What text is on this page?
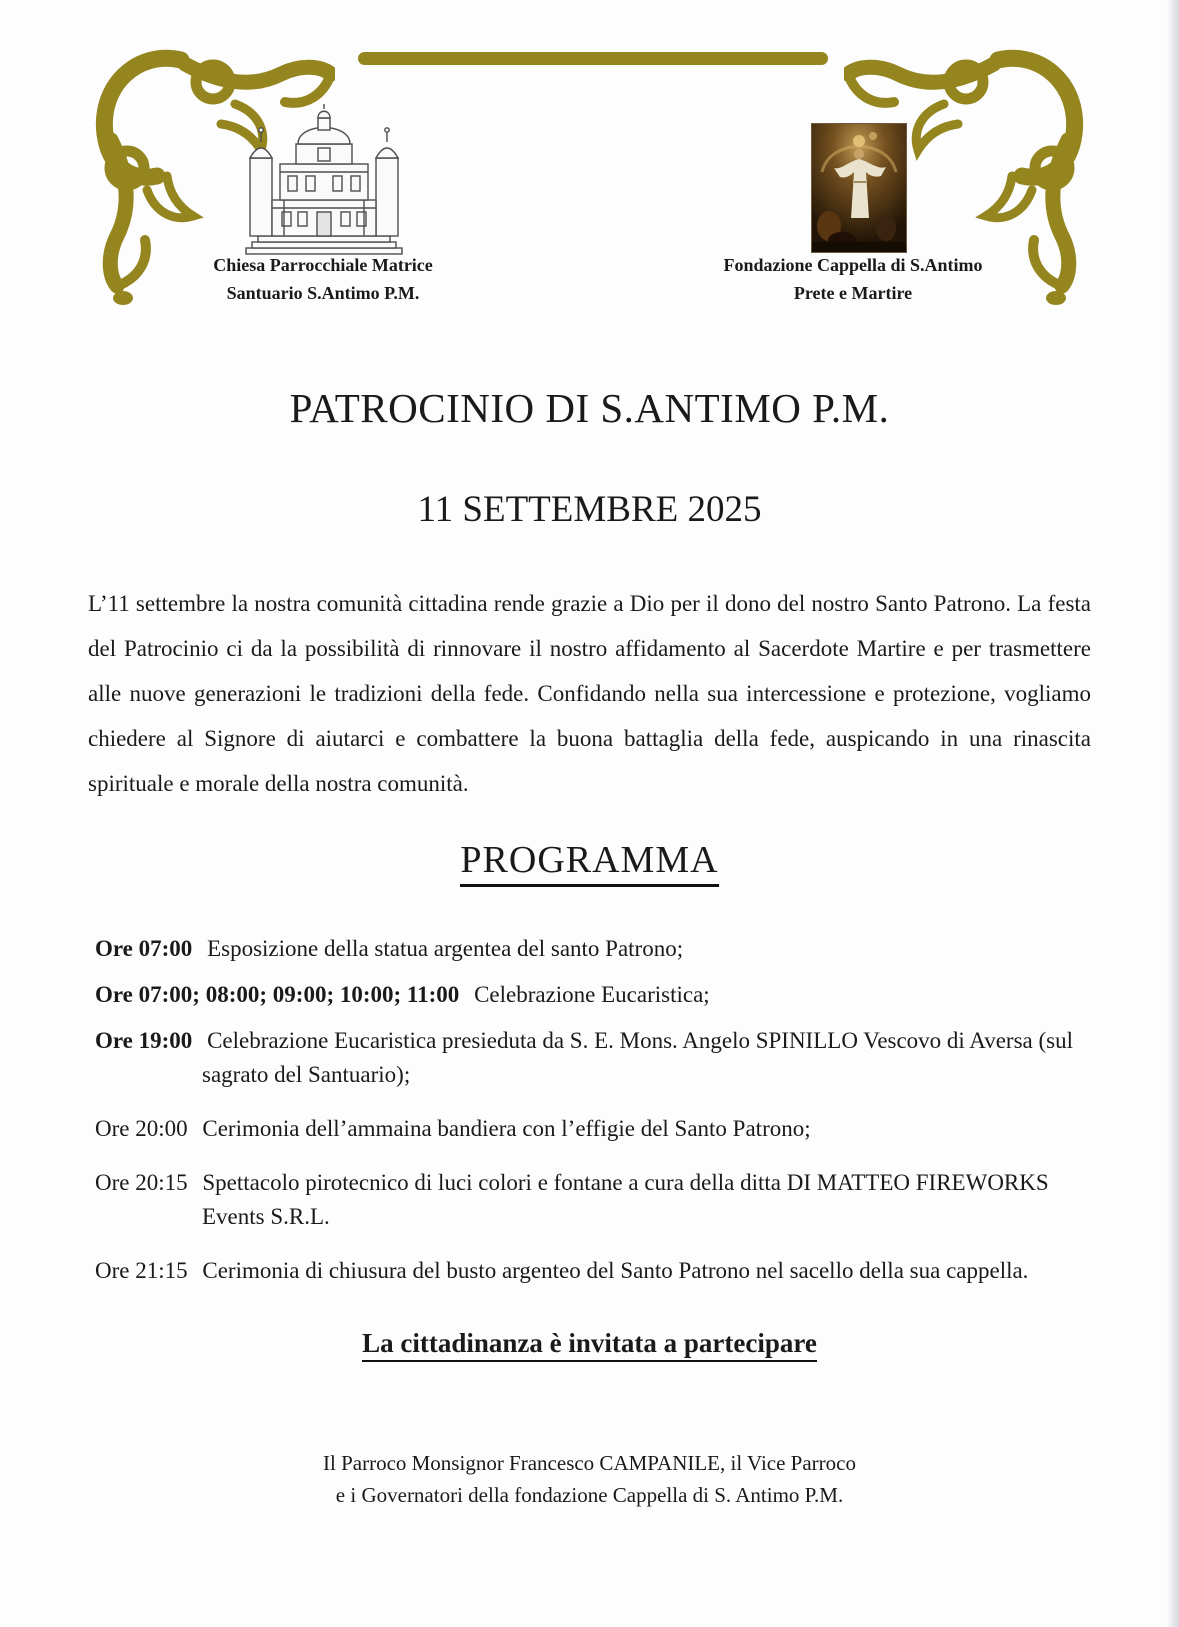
Chiesa Parrocchiale Matrice
Santuario S.Antimo P.M.
Fondazione Cappella di S.Antimo
Prete e Martire
PATROCINIO DI S.ANTIMO P.M.
11 SETTEMBRE 2025

L’11 settembre la nostra comunità cittadina rende grazie a Dio per il dono del nostro Santo Patrono. La festa del Patrocinio ci da la possibilità di rinnovare il nostro affidamento al Sacerdote Martire e per trasmettere alle nuove generazioni le tradizioni della fede. Confidando nella sua intercessione e protezione, vogliamo chiedere al Signore di aiutarci e combattere la buona battaglia della fede, auspicando in una rinascita spirituale e morale della nostra comunità.

PROGRAMMA
Ore 07:00 Esposizione della statua argentea del santo Patrono;
Ore 07:00; 08:00; 09:00; 10:00; 11:00 Celebrazione Eucaristica;
Ore 19:00 Celebrazione Eucaristica presieduta da S. E. Mons. Angelo SPINILLO Vescovo di Aversa (sul sagrato del Santuario);
Ore 20:00 Cerimonia dell’ammaina bandiera con l’effigie del Santo Patrono;
Ore 20:15 Spettacolo pirotecnico di luci colori e fontane a cura della ditta DI MATTEO FIREWORKS Events S.R.L.
Ore 21:15 Cerimonia di chiusura del busto argenteo del Santo Patrono nel sacello della sua cappella.
La cittadinanza è invitata a partecipare
Il Parroco Monsignor Francesco CAMPANILE, il Vice Parroco
e i Governatori della fondazione Cappella di S. Antimo P.M.
